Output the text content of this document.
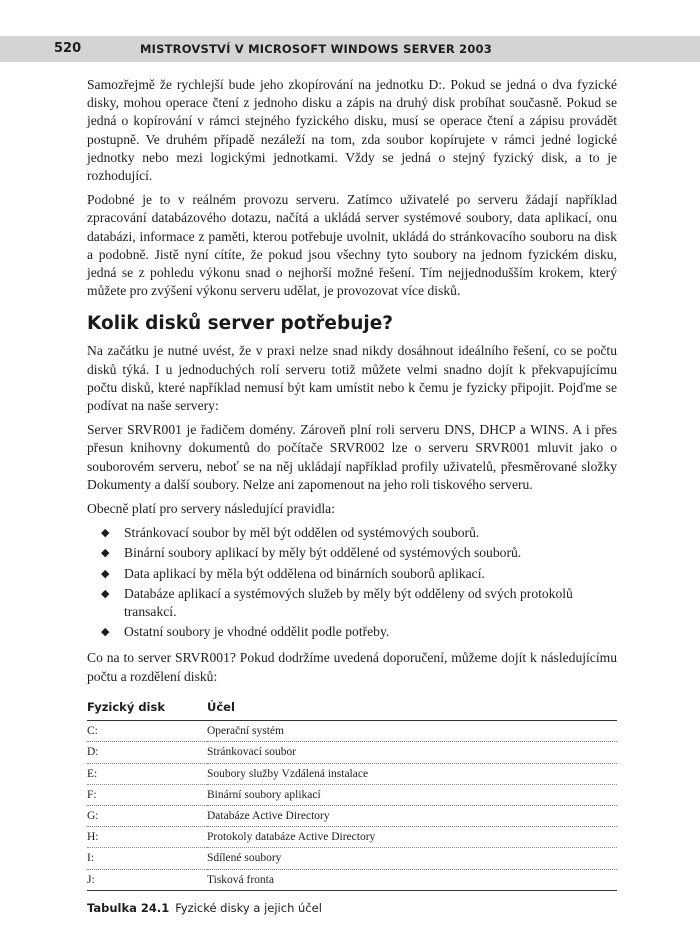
520	MISTROVSTVÍ V MICROSOFT WINDOWS SERVER 2003

Samozřejmě že rychlejší bude jeho zkopírování na jednotku D:. Pokud se jedná o dva fyzické disky, mohou operace čtení z jednoho disku a zápis na druhý disk probíhat současně. Pokud se jedná o kopírování v rámci stejného fyzického disku, musí se operace čtení a zápisu provádět postupně. Ve druhém případě nezáleží na tom, zda soubor kopírujete v rámci jedné logické jednotky nebo mezi logickými jednotkami. Vždy se jedná o stejný fyzický disk, a to je rozhodující.

Podobné je to v reálném provozu serveru. Zatímco uživatelé po serveru žádají například zpracování databázového dotazu, načítá a ukládá server systémové soubory, data aplikací, onu databázi, informace z paměti, kterou potřebuje uvolnit, ukládá do stránkovacího souboru na disk a podobně. Jistě nyní cítíte, že pokud jsou všechny tyto soubory na jednom fyzickém disku, jedná se z pohledu výkonu snad o nejhorší možné řešení. Tím nejjednodušším krokem, který můžete pro zvýšení výkonu serveru udělat, je provozovat více disků.

Kolik disků server potřebuje?

Na začátku je nutné uvést, že v praxi nelze snad nikdy dosáhnout ideálního řešení, co se počtu disků týká. I u jednoduchých rolí serveru totiž můžete velmi snadno dojít k překvapujícímu počtu disků, které například nemusí být kam umístit nebo k čemu je fyzicky připojit. Pojďme se podívat na naše servery:

Server SRVR001 je řadičem domény. Zároveň plní roli serveru DNS, DHCP a WINS. A i přes přesun knihovny dokumentů do počítače SRVR002 lze o serveru SRVR001 mluvit jako o souborovém serveru, neboť se na něj ukládají například profily uživatelů, přesměrované složky Dokumenty a další soubory. Nelze ani zapomenout na jeho roli tiskového serveru.

Obecně platí pro servery následující pravidla:

◆ Stránkovací soubor by měl být oddělen od systémových souborů.
◆ Binární soubory aplikací by měly být oddělené od systémových souborů.
◆ Data aplikací by měla být oddělena od binárních souborů aplikací.
◆ Databáze aplikací a systémových služeb by měly být odděleny od svých protokolů transakcí.
◆ Ostatní soubory je vhodné oddělit podle potřeby.

Co na to server SRVR001? Pokud dodržíme uvedená doporučení, můžeme dojít k následujícímu počtu a rozdělení disků:

Fyzický disk	Účel
C:	Operační systém
D:	Stránkovací soubor
E:	Soubory služby Vzdálená instalace
F:	Binární soubory aplikací
G:	Databáze Active Directory
H:	Protokoly databáze Active Directory
I:	Sdílené soubory
J:	Tisková fronta
Tabulka 24.1 Fyzické disky a jejich účel
